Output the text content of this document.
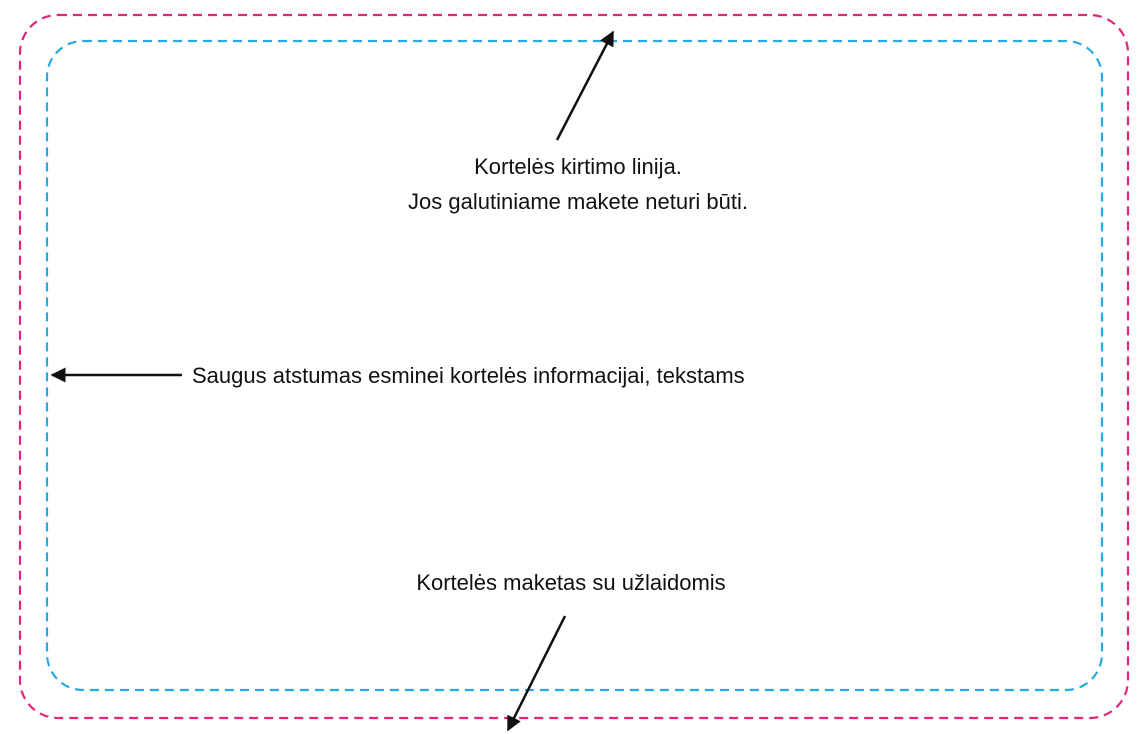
Kortelės kirtimo linija.
Jos galutiniame makete neturi būti.
Saugus atstumas esminei kortelės informacijai, tekstams
Kortelės maketas su užlaidomis
